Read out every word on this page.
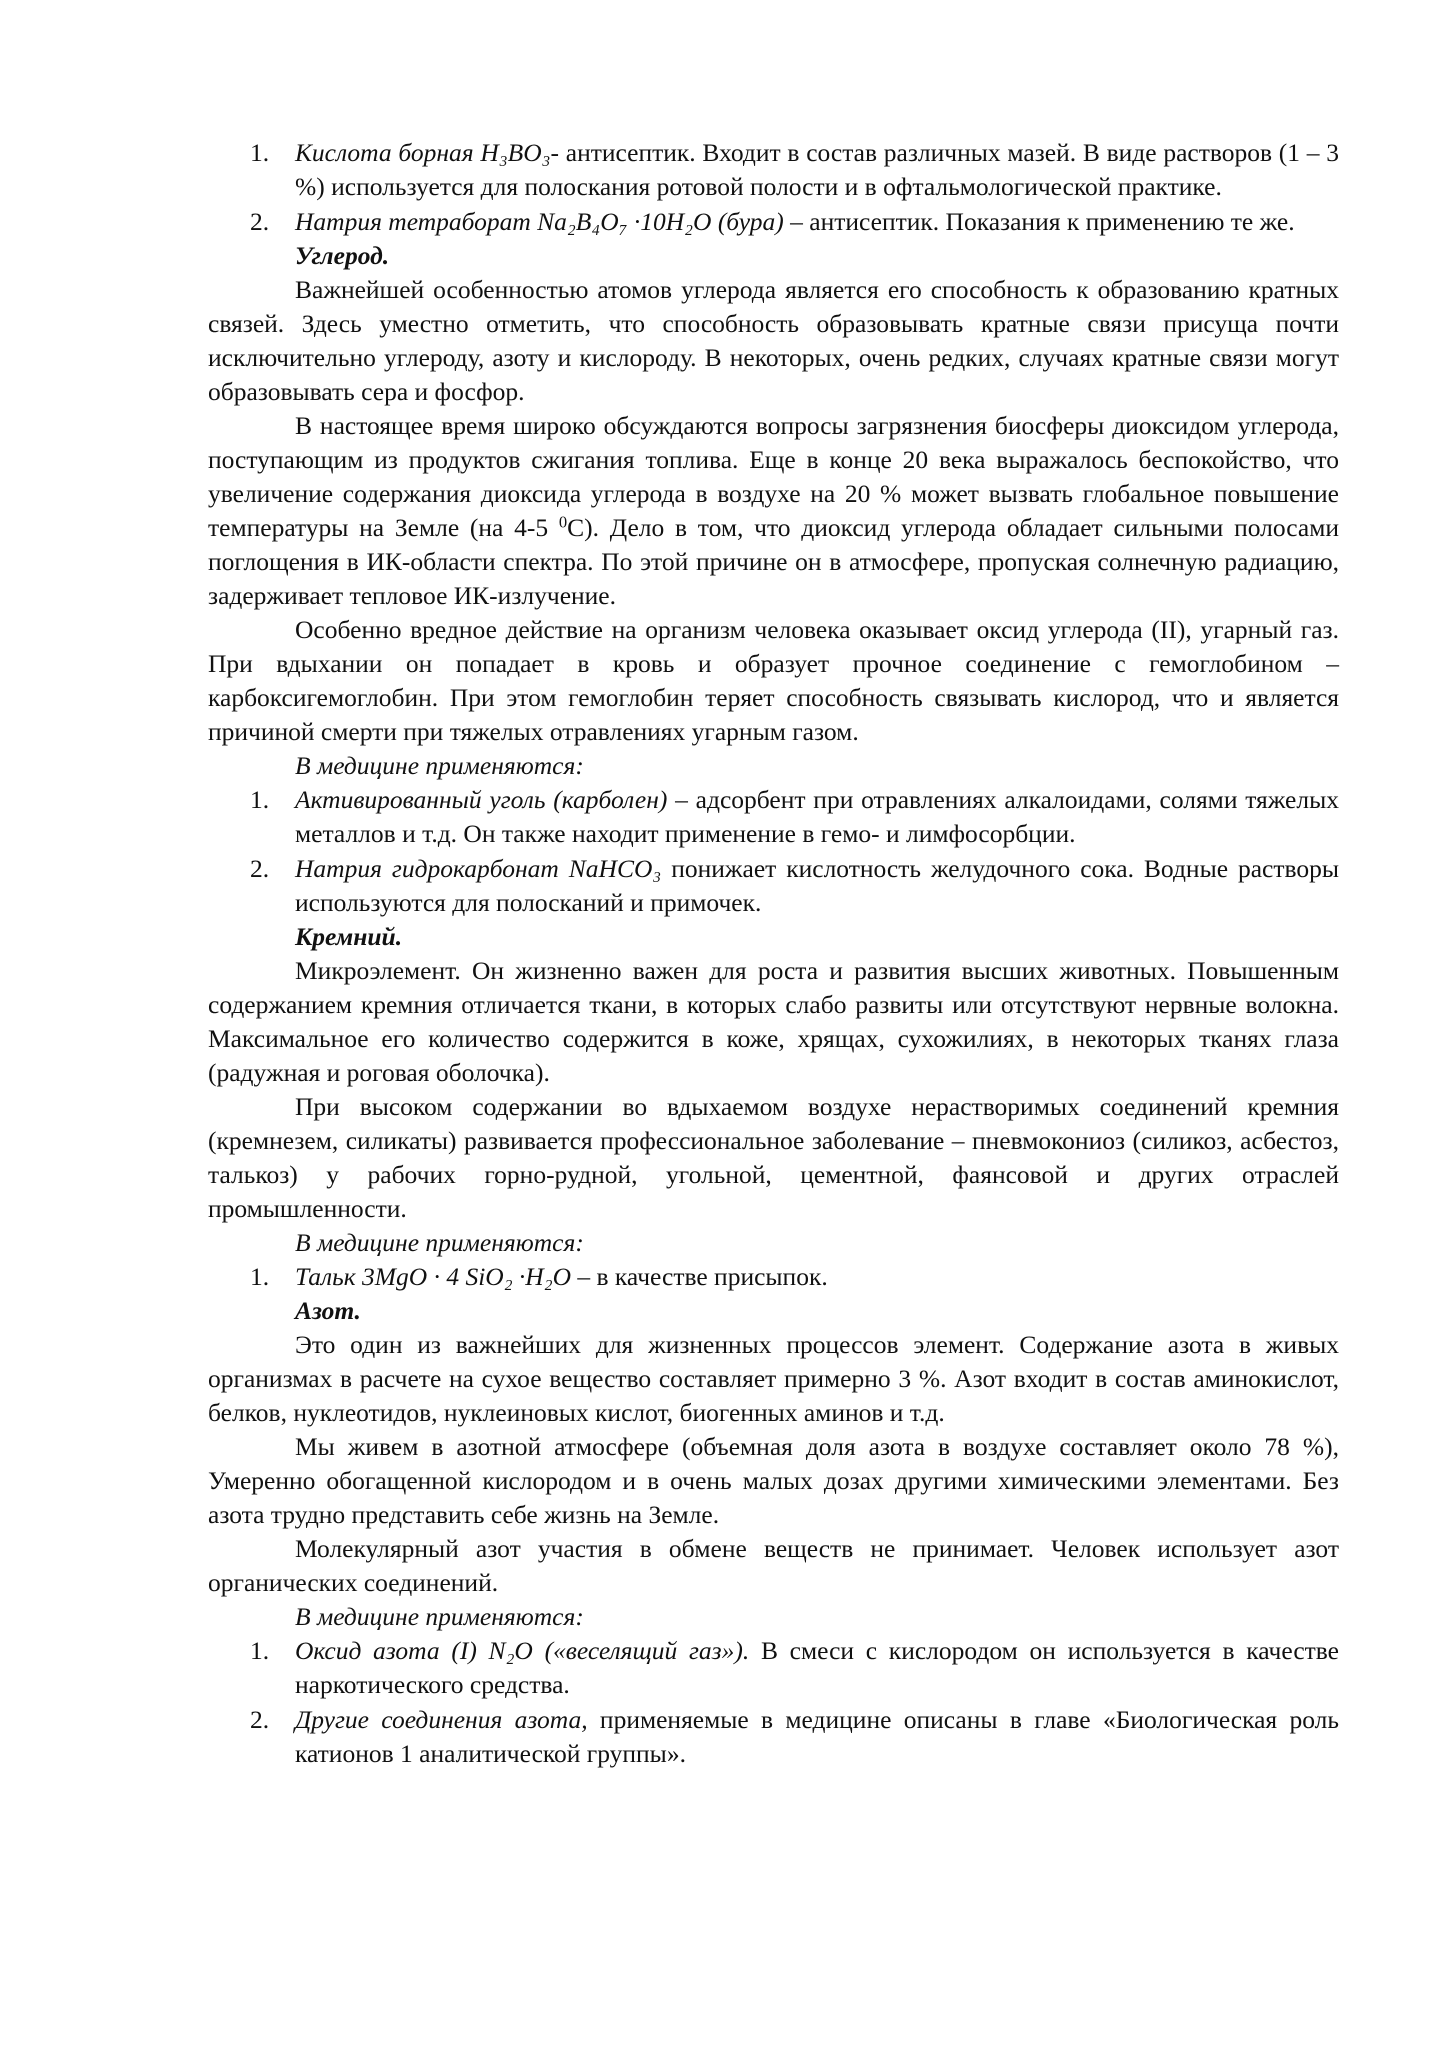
1. Кислота борная H₃BO₃- антисептик. Входит в состав различных мазей. В виде растворов (1 – 3 %) используется для полоскания ротовой полости и в офтальмологической практике.
2. Натрия тетраборат Na₂B₄O₇ ·10H₂O (бура) – антисептик. Показания к применению те же.

Углерод.

Важнейшей особенностью атомов углерода является его способность к образованию кратных связей. Здесь уместно отметить, что способность образовывать кратные связи присуща почти исключительно углероду, азоту и кислороду. В некоторых, очень редких, случаях кратные связи могут образовывать сера и фосфор.

В настоящее время широко обсуждаются вопросы загрязнения биосферы диоксидом углерода, поступающим из продуктов сжигания топлива. Еще в конце 20 века выражалось беспокойство, что увеличение содержания диоксида углерода в воздухе на 20 % может вызвать глобальное повышение температуры на Земле (на 4-5 $^0$С). Дело в том, что диоксид углерода обладает сильными полосами поглощения в ИК-области спектра. По этой причине он в атмосфере, пропуская солнечную радиацию, задерживает тепловое ИК-излучение.

Особенно вредное действие на организм человека оказывает оксид углерода (II), угарный газ. При вдыхании он попадает в кровь и образует прочное соединение с гемоглобином – карбоксигемоглобин. При этом гемоглобин теряет способность связывать кислород, что и является причиной смерти при тяжелых отравлениях угарным газом.

В медицине применяются:

1. Активированный уголь (карболен) – адсорбент при отравлениях алкалоидами, солями тяжелых металлов и т.д. Он также находит применение в гемо- и лимфосорбции.
2. Натрия гидрокарбонат NaHCO₃ понижает кислотность желудочного сока. Водные растворы используются для полосканий и примочек.

Кремний.

Микроэлемент. Он жизненно важен для роста и развития высших животных. Повышенным содержанием кремния отличается ткани, в которых слабо развиты или отсутствуют нервные волокна. Максимальное его количество содержится в коже, хрящах, сухожилиях, в некоторых тканях глаза (радужная и роговая оболочка).

При высоком содержании во вдыхаемом воздухе нерастворимых соединений кремния (кремнезем, силикаты) развивается профессиональное заболевание – пневмокониоз (силикоз, асбестоз, талькоз) у рабочих горно-рудной, угольной, цементной, фаянсовой и других отраслей промышленности.

В медицине применяются:

1. Тальк 3MgO · 4 SiO₂ ·H₂O – в качестве присыпок.

Азот.

Это один из важнейших для жизненных процессов элемент. Содержание азота в живых организмах в расчете на сухое вещество составляет примерно 3 %. Азот входит в состав аминокислот, белков, нуклеотидов, нуклеиновых кислот, биогенных аминов и т.д.

Мы живем в азотной атмосфере (объемная доля азота в воздухе составляет около 78 %), Умеренно обогащенной кислородом и в очень малых дозах другими химическими элементами. Без азота трудно представить себе жизнь на Земле.

Молекулярный азот участия в обмене веществ не принимает. Человек использует азот органических соединений.

В медицине применяются:

1. Оксид азота (I) N₂O («веселящий газ»). В смеси с кислородом он используется в качестве наркотического средства.
2. Другие соединения азота, применяемые в медицине описаны в главе «Биологическая роль катионов 1 аналитической группы».
